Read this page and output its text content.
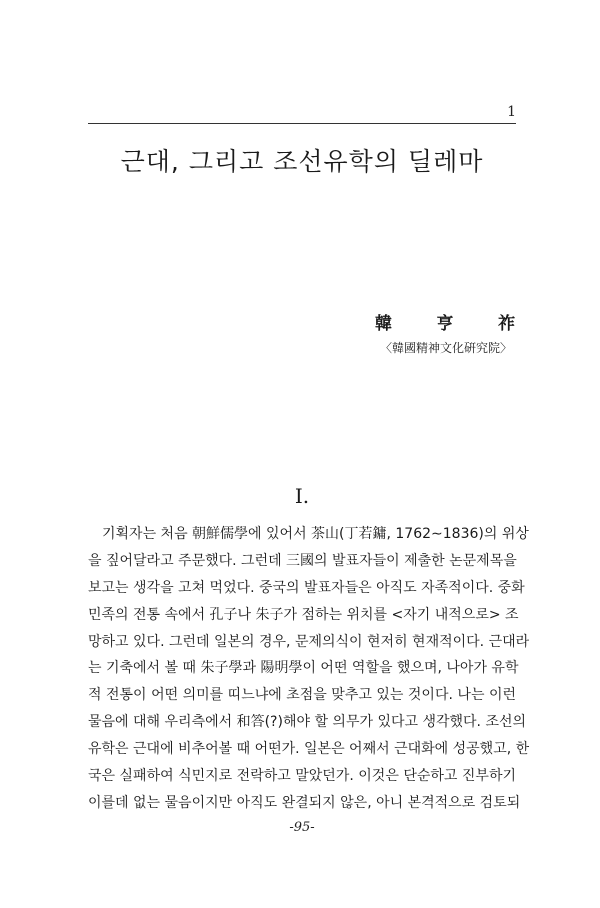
1
근대, 그리고 조선유학의 딜레마
韓	亨	祚
〈韓國精神文化硏究院〉
I.
기획자는 처음 朝鮮儒學에 있어서 茶山(丁若鏞, 1762∼1836)의 위상
을 짚어달라고 주문했다. 그런데 三國의 발표자들이 제출한 논문제목을
보고는 생각을 고쳐 먹었다. 중국의 발표자들은 아직도 자족적이다. 중화
민족의 전통 속에서 孔子나 朱子가 점하는 위치를 <자기 내적으로> 조
망하고 있다. 그런데 일본의 경우, 문제의식이 현저히 현재적이다. 근대라
는 기축에서 볼 때 朱子學과 陽明學이 어떤 역할을 했으며, 나아가 유학
적 전통이 어떤 의미를 띠느냐에 초점을 맞추고 있는 것이다. 나는 이런
물음에 대해 우리측에서 和答(?)해야 할 의무가 있다고 생각했다. 조선의
유학은 근대에 비추어볼 때 어떤가. 일본은 어째서 근대화에 성공했고, 한
국은 실패하여 식민지로 전락하고 말았던가. 이것은 단순하고 진부하기
이를데 없는 물음이지만 아직도 완결되지 않은, 아니 본격적으로 검토되
-95-
